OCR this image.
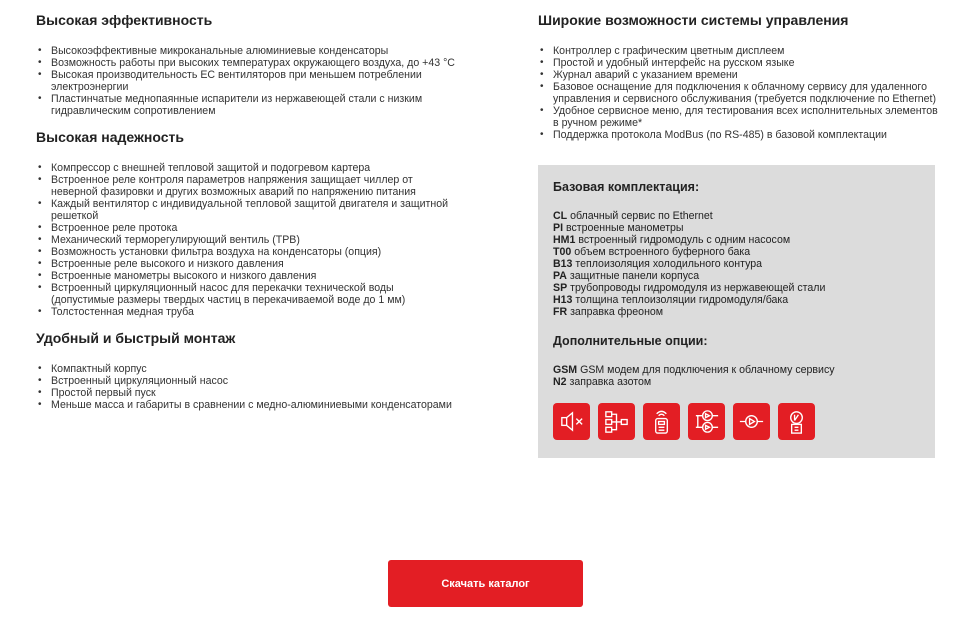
Высокая эффективность
• Высокоэффективные микроканальные алюминиевые конденсаторы
• Возможность работы при высоких температурах окружающего воздуха, до +43 °C
• Высокая производительность ЕС вентиляторов при меньшем потреблении электроэнергии
• Пластинчатые меднопаянные испарители из нержавеющей стали с низким гидравлическим сопротивлением
Высокая надежность
• Компрессор с внешней тепловой защитой и подогревом картера
• Встроенное реле контроля параметров напряжения защищает чиллер от неверной фазировки и других возможных аварий по напряжению питания
• Каждый вентилятор с индивидуальной тепловой защитой двигателя и защитной решеткой
• Встроенное реле протока
• Механический терморегулирующий вентиль (ТРВ)
• Возможность установки фильтра воздуха на конденсаторы (опция)
• Встроенные реле высокого и низкого давления
• Встроенные манометры высокого и низкого давления
• Встроенный циркуляционный насос для перекачки технической воды (допустимые размеры твердых частиц в перекачиваемой воде до 1 мм)
• Толстостенная медная труба
Удобный и быстрый монтаж
• Компактный корпус
• Встроенный циркуляционный насос
• Простой первый пуск
• Меньше масса и габариты в сравнении с медно-алюминиевыми конденсаторами
Широкие возможности системы управления
• Контроллер с графическим цветным дисплеем
• Простой и удобный интерфейс на русском языке
• Журнал аварий с указанием времени
• Базовое оснащение для подключения к облачному сервису для удаленного управления и сервисного обслуживания (требуется подключение по Ethernet)
• Удобное сервисное меню, для тестирования всех исполнительных элементов в ручном режиме*
• Поддержка протокола ModBus (по RS-485) в базовой комплектации
Базовая комплектация:
CL облачный сервис по Ethernet
PI встроенные манометры
HM1 встроенный гидромодуль с одним насосом
T00 объем встроенного буферного бака
B13 теплоизоляция холодильного контура
PA защитные панели корпуса
SP трубопроводы гидромодуля из нержавеющей стали
H13 толщина теплоизоляции гидромодуля/бака
FR заправка фреоном
Дополнительные опции:
GSM GSM модем для подключения к облачному сервису
N2 заправка азотом
Скачать каталог
